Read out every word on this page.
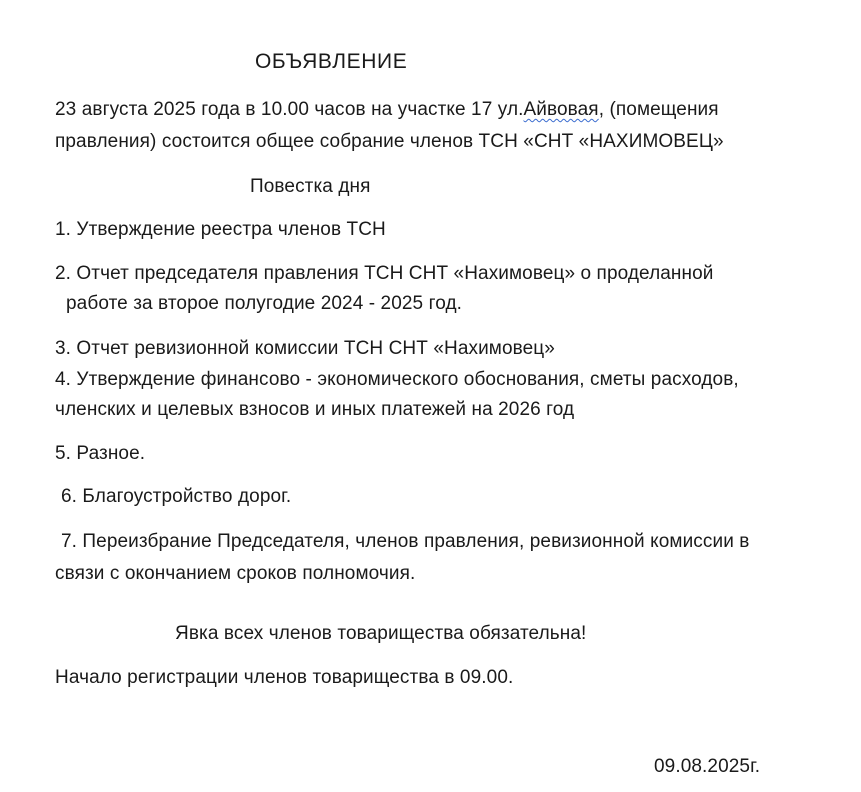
ОБЪЯВЛЕНИЕ
23 августа 2025 года в 10.00 часов на участке 17 ул.Айвовая, (помещения
правления) состоится общее собрание членов ТСН «СНТ «НАХИМОВЕЦ»
Повестка дня
1. Утверждение реестра членов ТСН
2. Отчет председателя правления ТСН СНТ «Нахимовец» о проделанной
работе за второе полугодие 2024 - 2025 год.
3. Отчет ревизионной комиссии ТСН СНТ «Нахимовец»
4. Утверждение финансово - экономического обоснования, сметы расходов,
членских и целевых взносов и иных платежей на 2026 год
5. Разное.
6. Благоустройство дорог.
7. Переизбрание Председателя, членов правления, ревизионной комиссии в
связи с окончанием сроков полномочия.
Явка всех членов товарищества обязательна!
Начало регистрации членов товарищества в 09.00.
09.08.2025г.
